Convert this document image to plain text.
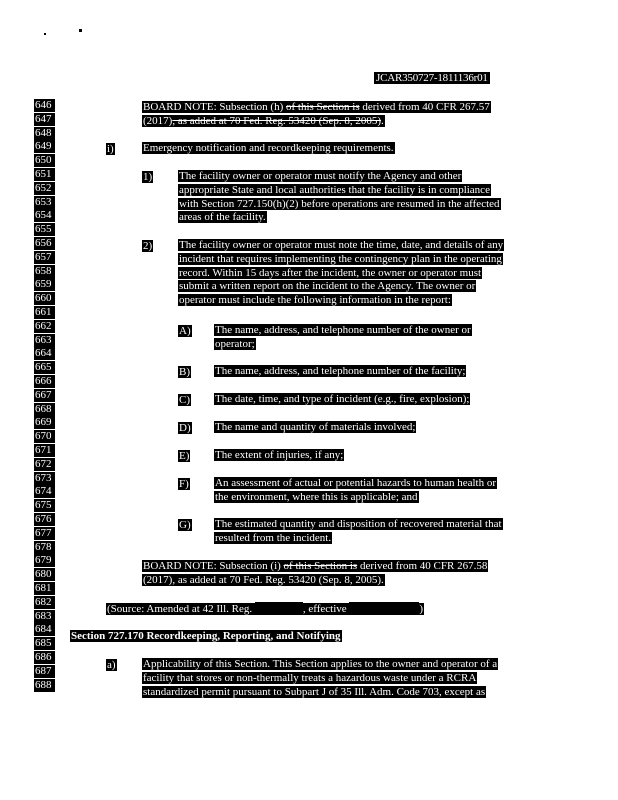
JCAR350727-1811136r01
646
647
648
649
650
651
652
653
654
655
656
657
658
659
660
661
662
663
664
665
666
667
668
669
670
671
672
673
674
675
676
677
678
679
680
681
682
683
684
685
686
687
688
BOARD NOTE: Subsection (h) of this Section is derived from 40 CFR 267.57
(2017), as added at 70 Fed. Reg. 53420 (Sep. 8, 2005).
i)	Emergency notification and recordkeeping requirements.
1) The facility owner or operator must notify the Agency and other
appropriate State and local authorities that the facility is in compliance
with Section 727.150(h)(2) before operations are resumed in the affected
areas of the facility.
2) The facility owner or operator must note the time, date, and details of any
incident that requires implementing the contingency plan in the operating
record. Within 15 days after the incident, the owner or operator must
submit a written report on the incident to the Agency. The owner or
operator must include the following information in the report:
A) The name, address, and telephone number of the owner or
operator;
B) The name, address, and telephone number of the facility;
C) The date, time, and type of incident (e.g., fire, explosion);
D) The name and quantity of materials involved;
E) The extent of injuries, if any;
F) An assessment of actual or potential hazards to human health or
the environment, where this is applicable; and
G) The estimated quantity and disposition of recovered material that
resulted from the incident.
BOARD NOTE: Subsection (i) of this Section is derived from 40 CFR 267.58
(2017), as added at 70 Fed. Reg. 53420 (Sep. 8, 2005).
(Source: Amended at 42 Ill. Reg.	, effective	)
Section 727.170 Recordkeeping, Reporting, and Notifying
a) Applicability of this Section. This Section applies to the owner and operator of a
facility that stores or non-thermally treats a hazardous waste under a RCRA
standardized permit pursuant to Subpart J of 35 Ill. Adm. Code 703, except as
